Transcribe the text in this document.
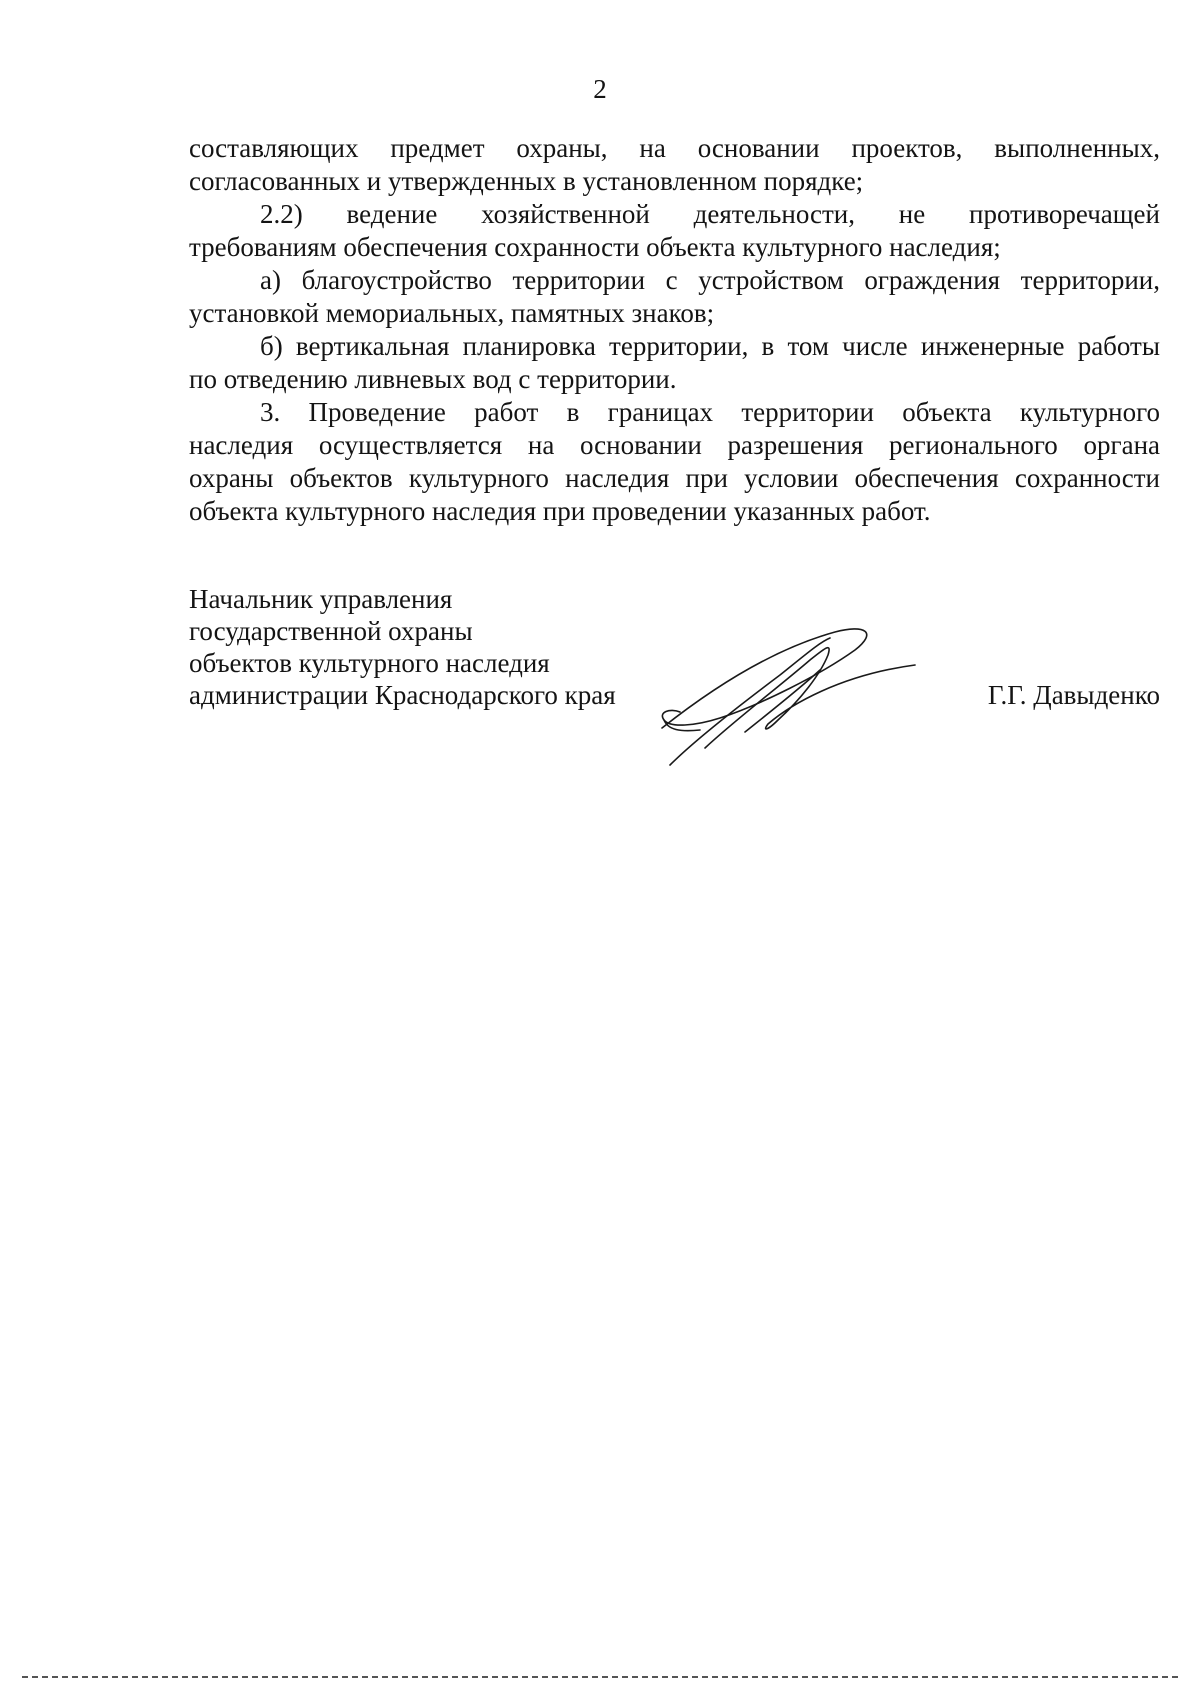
2

составляющих предмет охраны, на основании проектов, выполненных,
согласованных и утвержденных в установленном порядке;

2.2) ведение хозяйственной деятельности, не противоречащей
требованиям обеспечения сохранности объекта культурного наследия;

а) благоустройство территории с устройством ограждения территории,
установкой мемориальных, памятных знаков;

б) вертикальная планировка территории, в том числе инженерные работы
по отведению ливневых вод с территории.

3. Проведение работ в границах территории объекта культурного
наследия осуществляется на основании разрешения регионального органа
охраны объектов культурного наследия при условии обеспечения сохранности
объекта культурного наследия при проведении указанных работ.

Начальник управления
государственной охраны
объектов культурного наследия
администрации Краснодарского края	Г.Г. Давыденко
